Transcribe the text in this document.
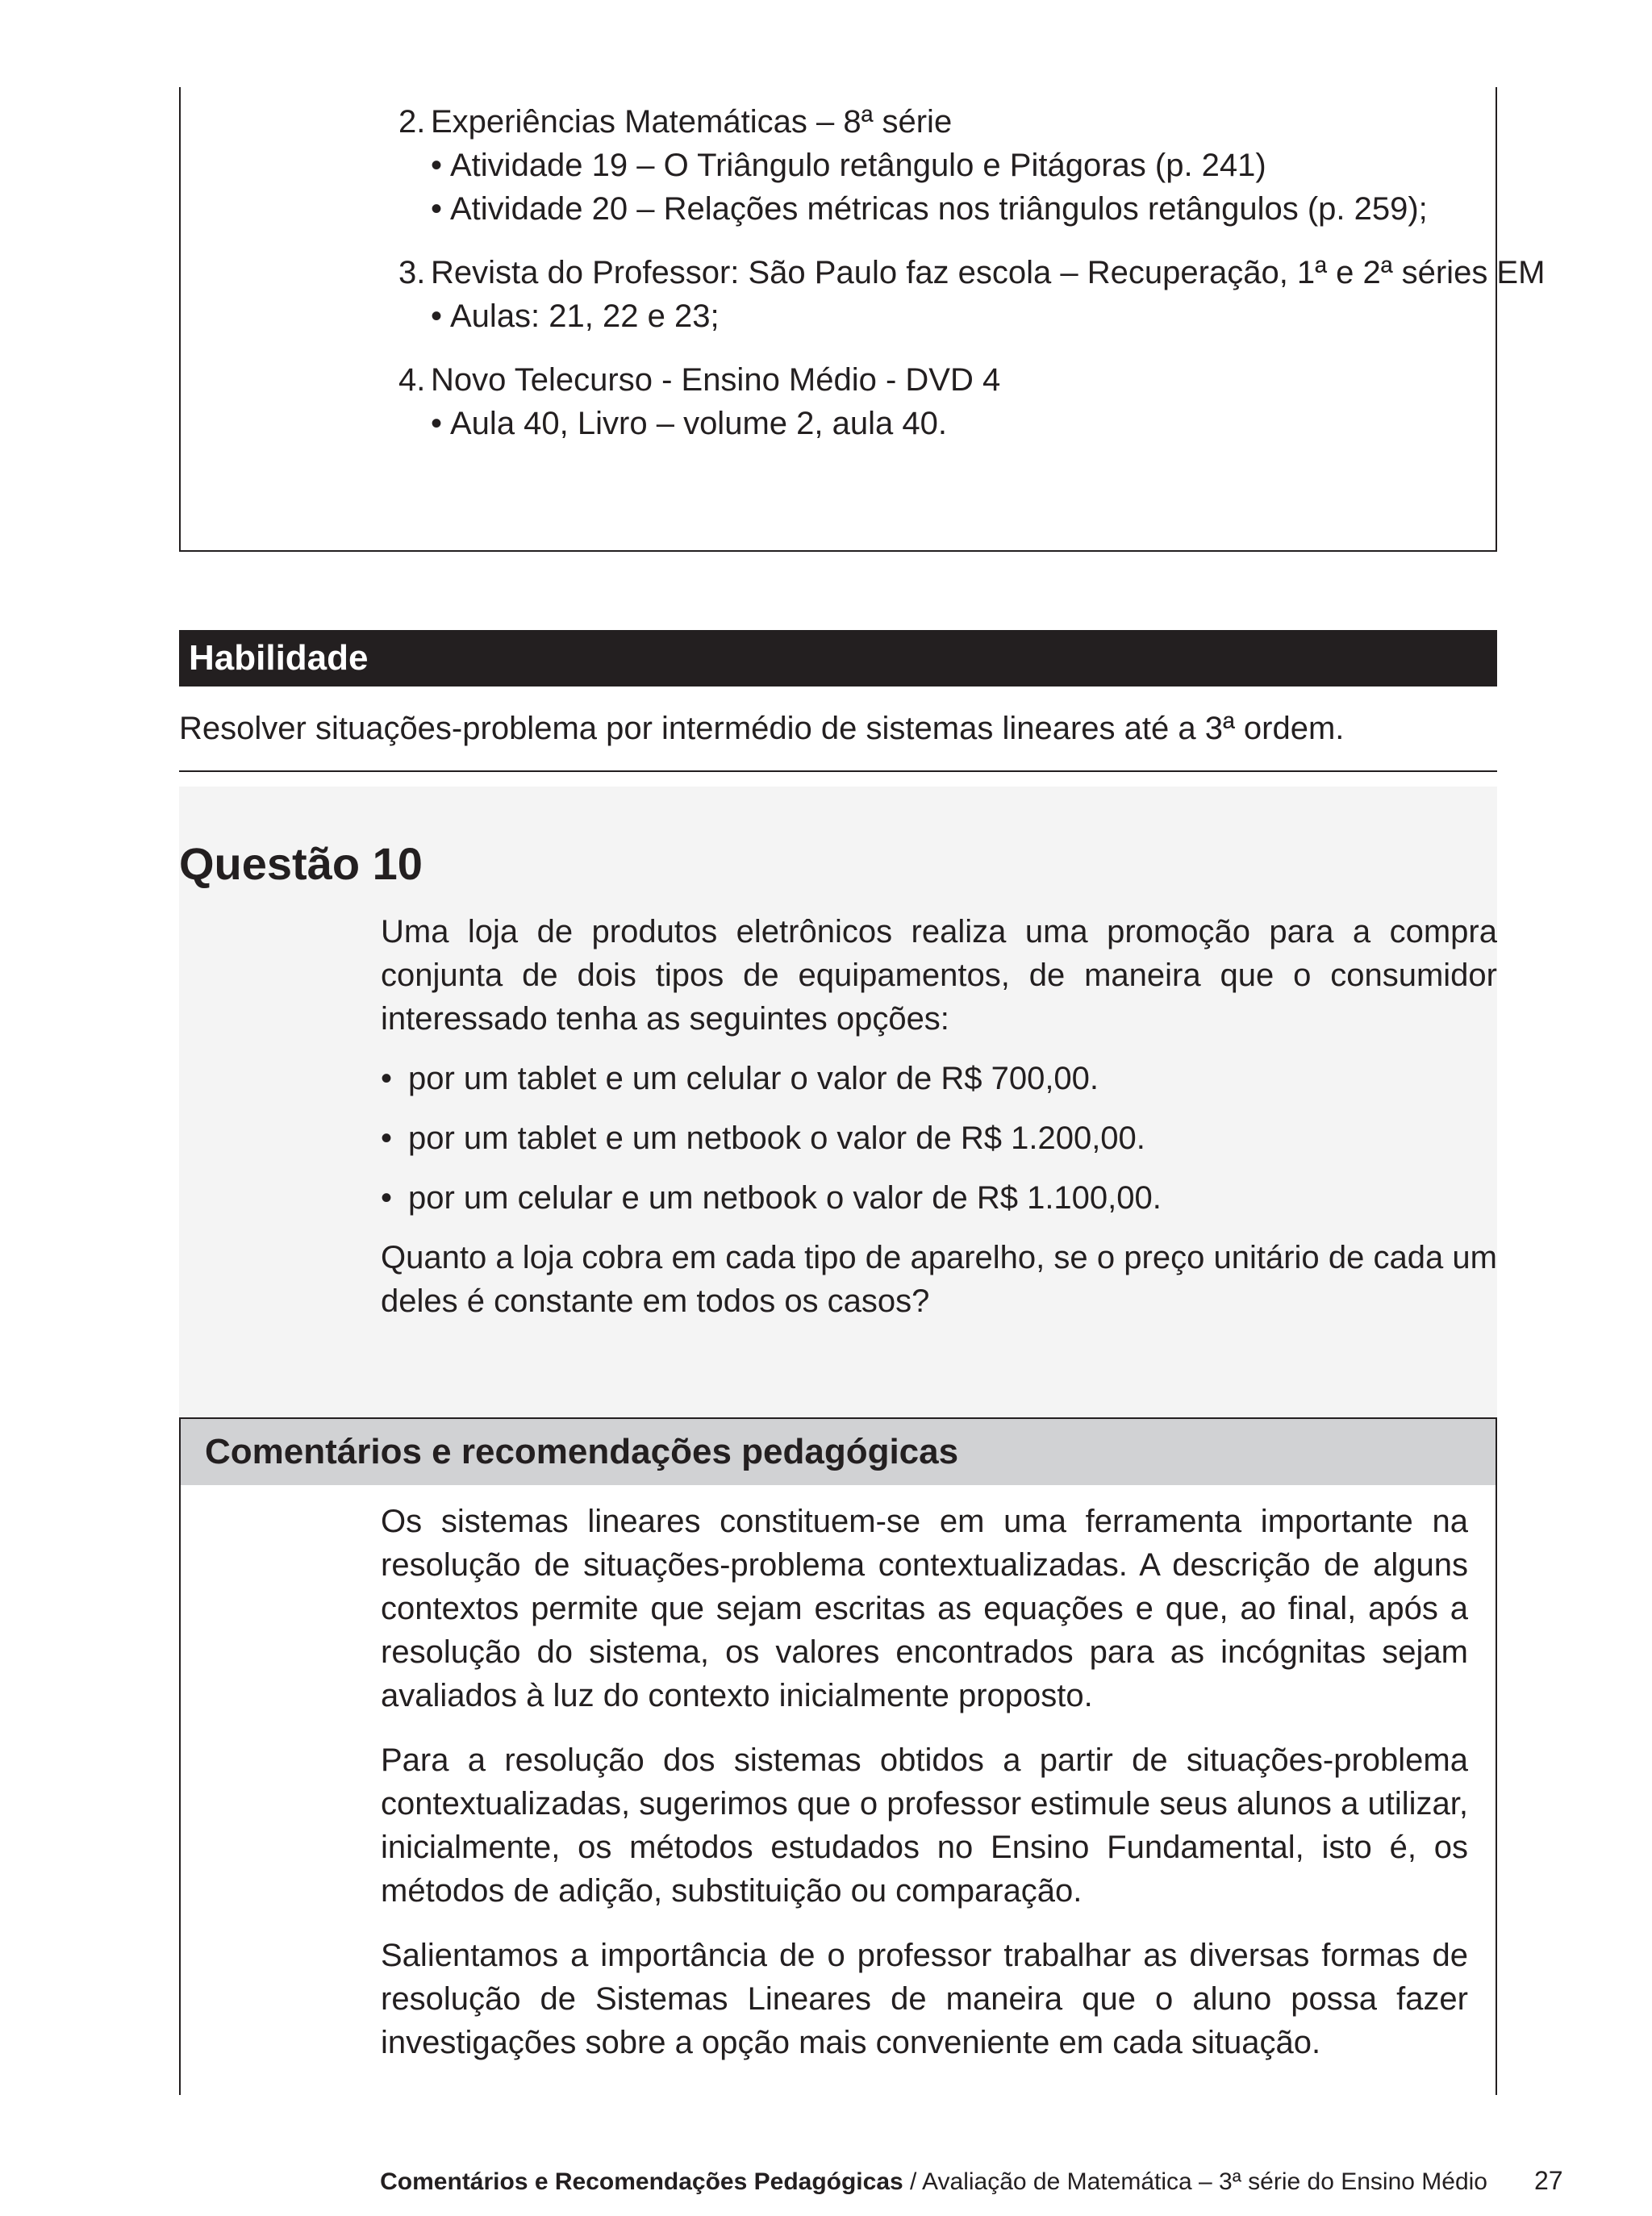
2. Experiências Matemáticas – 8ª série
• Atividade 19 – O Triângulo retângulo e Pitágoras (p. 241)
• Atividade 20 – Relações métricas nos triângulos retângulos (p. 259);
3. Revista do Professor: São Paulo faz escola – Recuperação, 1ª e 2ª séries EM
• Aulas: 21, 22 e 23;
4. Novo Telecurso - Ensino Médio - DVD 4
• Aula 40, Livro – volume 2, aula 40.
Habilidade
Resolver situações-problema por intermédio de sistemas lineares até a 3ª ordem.
Questão 10

Uma loja de produtos eletrônicos realiza uma promoção para a compra conjunta de dois tipos de equipamentos, de maneira que o consumidor interessado tenha as seguintes opções:

• por um tablet e um celular o valor de R$ 700,00.
• por um tablet e um netbook o valor de R$ 1.200,00.
• por um celular e um netbook o valor de R$ 1.100,00.

Quanto a loja cobra em cada tipo de aparelho, se o preço unitário de cada um deles é constante em todos os casos?

Comentários e recomendações pedagógicas

Os sistemas lineares constituem-se em uma ferramenta importante na resolução de situações-problema contextualizadas. A descrição de alguns contextos permite que sejam escritas as equações e que, ao final, após a resolução do sistema, os valores encontrados para as incógnitas sejam avaliados à luz do contexto inicialmente proposto.

Para a resolução dos sistemas obtidos a partir de situações-problema contextualizadas, sugerimos que o professor estimule seus alunos a utilizar, inicialmente, os métodos estudados no Ensino Fundamental, isto é, os métodos de adição, substituição ou comparação.

Salientamos a importância de o professor trabalhar as diversas formas de resolução de Sistemas Lineares de maneira que o aluno possa fazer investigações sobre a opção mais conveniente em cada situação.

Comentários e Recomendações Pedagógicas / Avaliação de Matemática – 3ª série do Ensino Médio 27
